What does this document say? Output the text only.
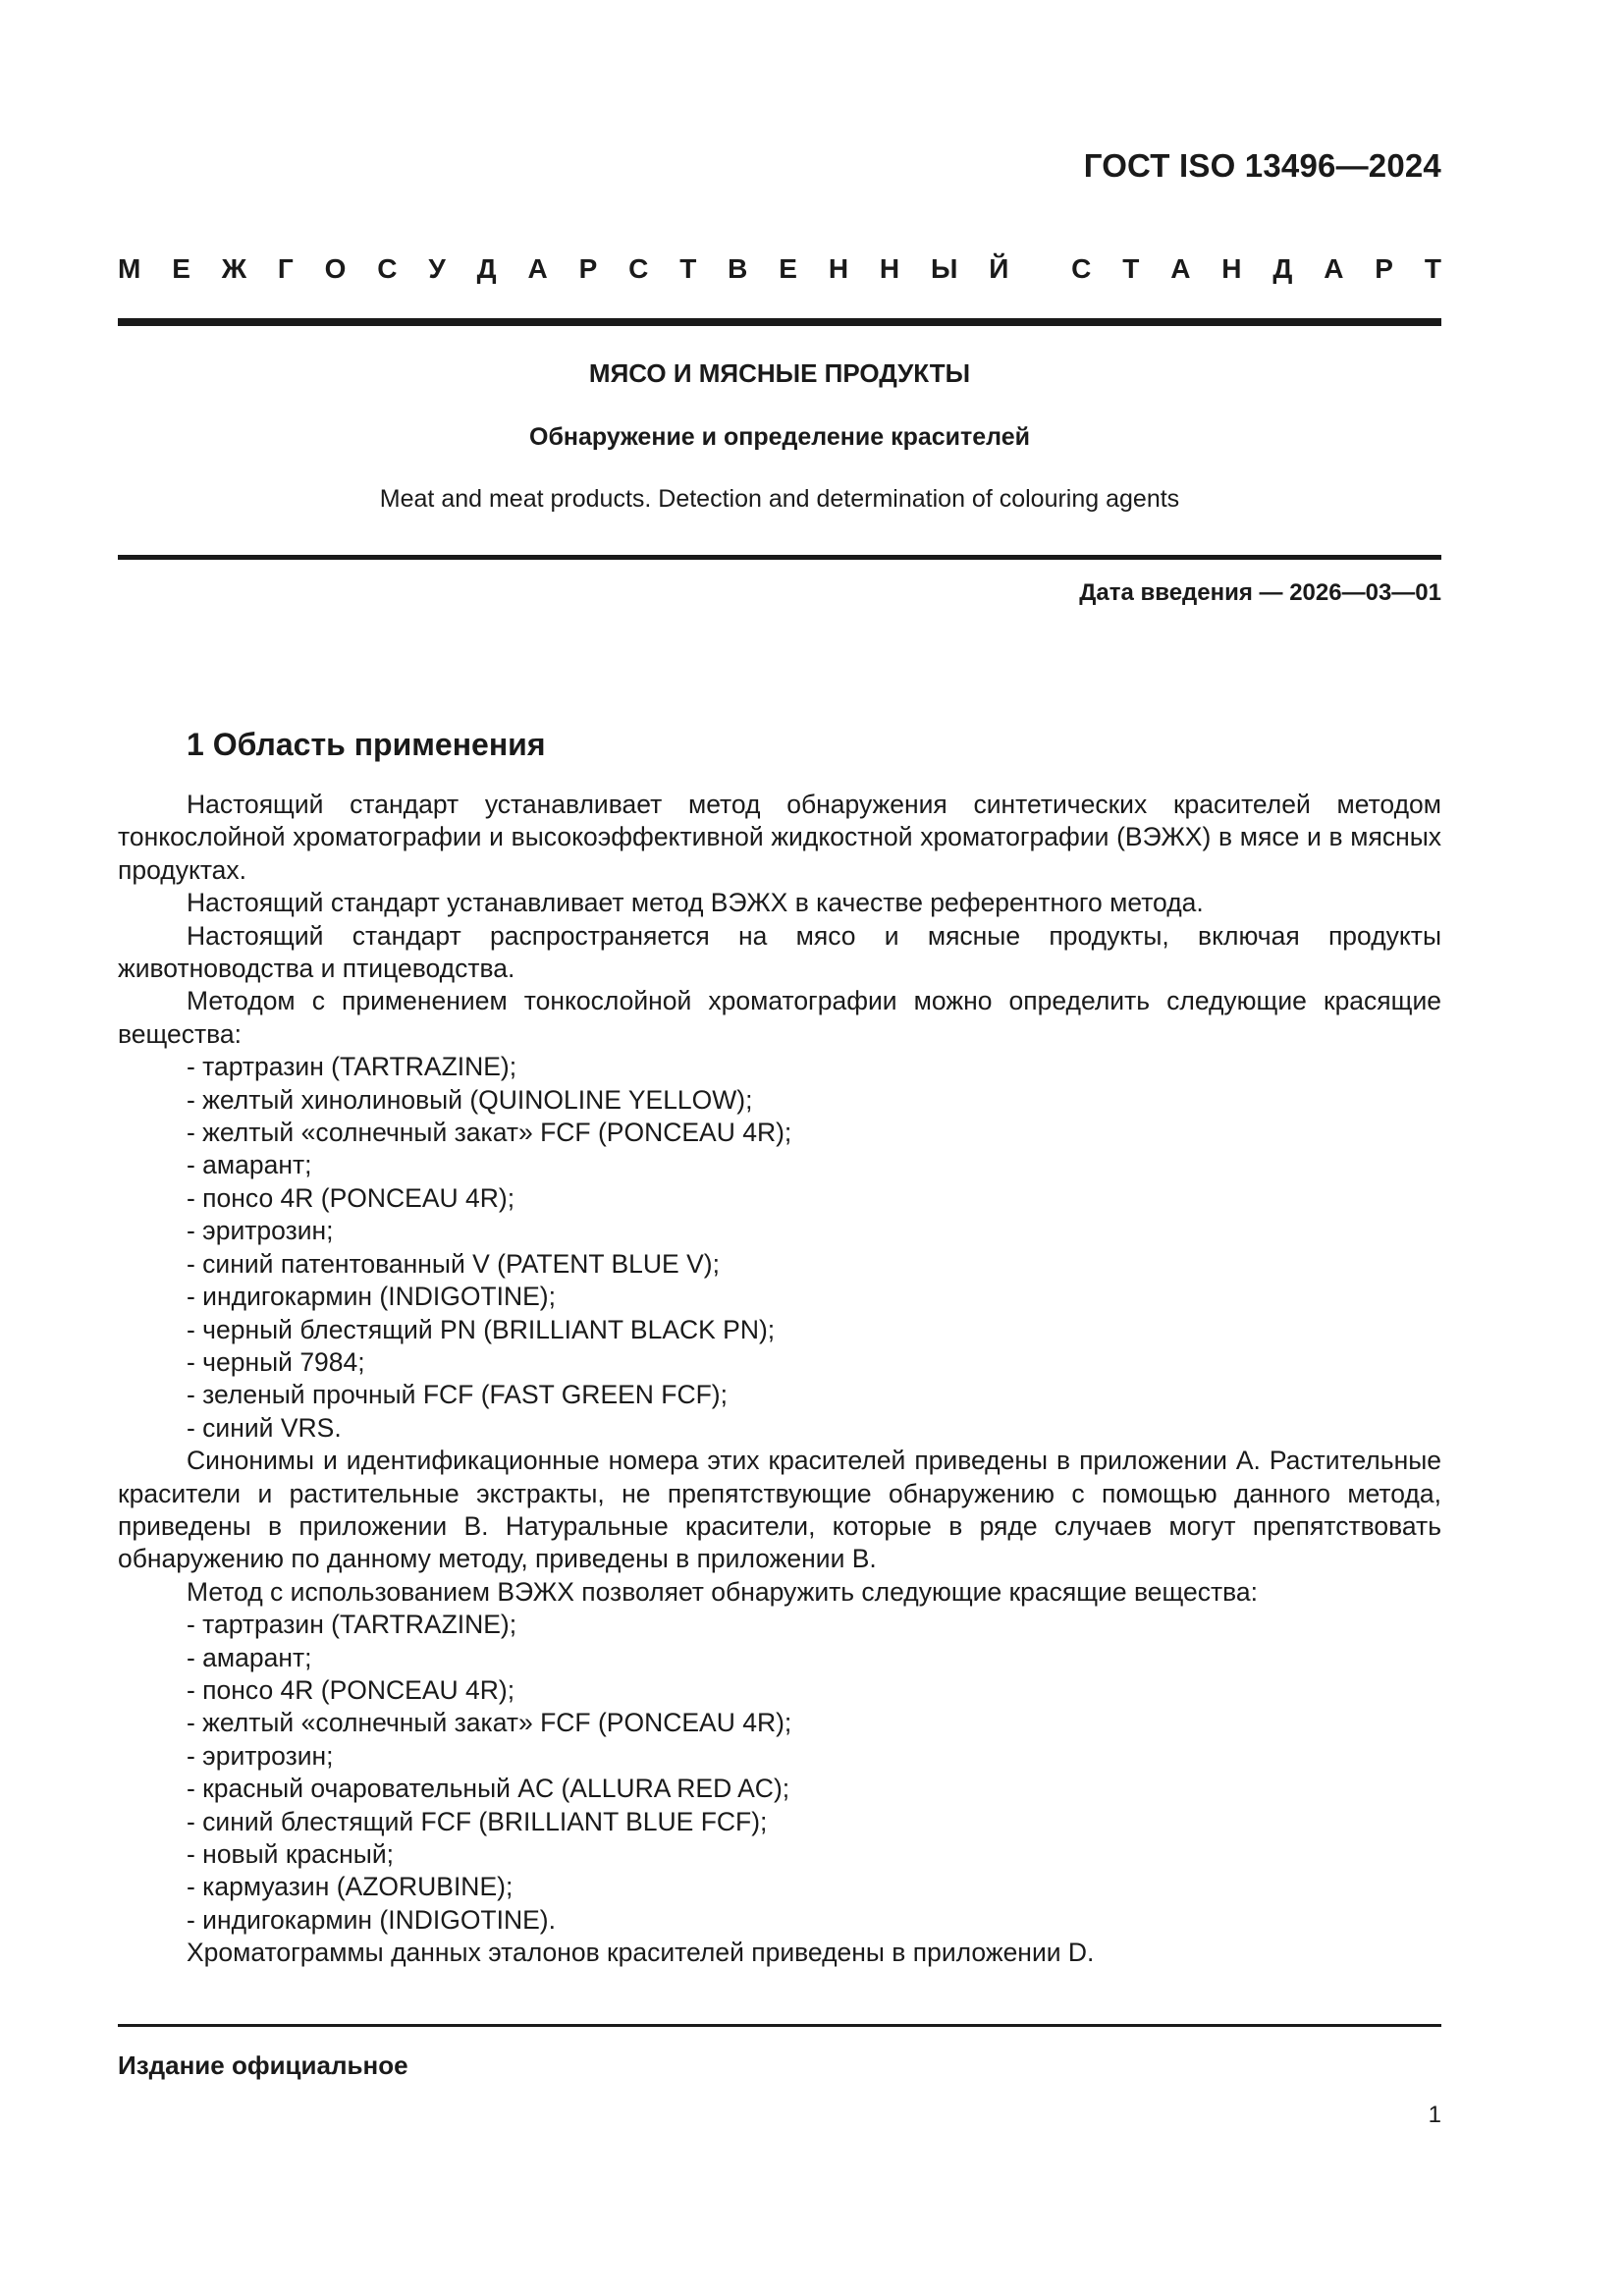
ГОСТ ISO 13496—2024
М Е Ж Г О С У Д А Р С Т В Е Н Н Ы Й С Т А Н Д А Р Т
МЯСО И МЯСНЫЕ ПРОДУКТЫ
Обнаружение и определение красителей
Meat and meat products. Detection and determination of colouring agents
Дата введения — 2026—03—01
1 Область применения
Настоящий стандарт устанавливает метод обнаружения синтетических красителей методом тонкослойной хроматографии и высокоэффективной жидкостной хроматографии (ВЭЖХ) в мясе и в мясных продуктах.
Настоящий стандарт устанавливает метод ВЭЖХ в качестве референтного метода.
Настоящий стандарт распространяется на мясо и мясные продукты, включая продукты животноводства и птицеводства.
Методом с применением тонкослойной хроматографии можно определить следующие красящие вещества:
- тартразин (TARTRAZINE);
- желтый хинолиновый (QUINOLINE YELLOW);
- желтый «солнечный закат» FCF (PONCEAU 4R);
- амарант;
- понсо 4R (PONCEAU 4R);
- эритрозин;
- синий патентованный V (PATENT BLUE V);
- индигокармин (INDIGOTINE);
- черный блестящий PN (BRILLIANT BLACK PN);
- черный 7984;
- зеленый прочный FCF (FAST GREEN FCF);
- синий VRS.
Синонимы и идентификационные номера этих красителей приведены в приложении А. Растительные красители и растительные экстракты, не препятствующие обнаружению с помощью данного метода, приведены в приложении В. Натуральные красители, которые в ряде случаев могут препятствовать обнаружению по данному методу, приведены в приложении В.
Метод с использованием ВЭЖХ позволяет обнаружить следующие красящие вещества:
- тартразин (TARTRAZINE);
- амарант;
- понсо 4R (PONCEAU 4R);
- желтый «солнечный закат» FCF (PONCEAU 4R);
- эритрозин;
- красный очаровательный AC (ALLURA RED AC);
- синий блестящий FCF (BRILLIANT BLUE FCF);
- новый красный;
- кармуазин (AZORUBINE);
- индигокармин (INDIGOTINE).
Хроматограммы данных эталонов красителей приведены в приложении D.
Издание официальное
1
